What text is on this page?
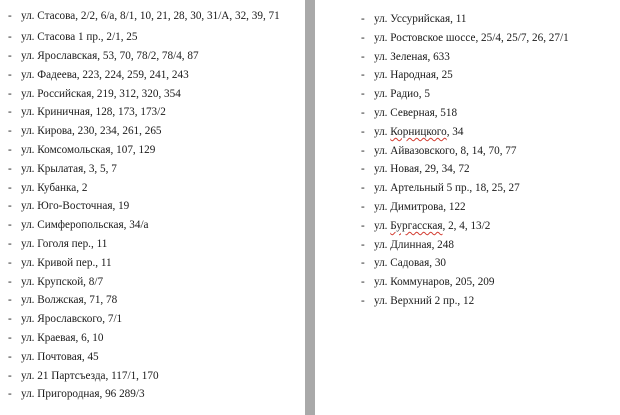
- ул. Стасова, 2/2, 6/а, 8/1, 10, 21, 28, 30, 31/А, 32, 39, 71
- ул. Стасова 1 пр., 2/1, 25
- ул. Ярославская, 53, 70, 78/2, 78/4, 87
- ул. Фадеева, 223, 224, 259, 241, 243
- ул. Российская, 219, 312, 320, 354
- ул. Криничная, 128, 173, 173/2
- ул. Кирова, 230, 234, 261, 265
- ул. Комсомольская, 107, 129
- ул. Крылатая, 3, 5, 7
- ул. Кубанка, 2
- ул. Юго-Восточная, 19
- ул. Симферопольская, 34/а
- ул. Гоголя пер., 11
- ул. Кривой пер., 11
- ул. Крупской, 8/7
- ул. Волжская, 71, 78
- ул. Ярославского, 7/1
- ул. Краевая, 6, 10
- ул. Почтовая, 45
- ул. 21 Партсъезда, 117/1, 170
- ул. Пригородная, 96 289/3
- ул. Уссурийская, 11
- ул. Ростовское шоссе, 25/4, 25/7, 26, 27/1
- ул. Зеленая, 633
- ул. Народная, 25
- ул. Радио, 5
- ул. Северная, 518
- ул. Корницкого, 34
- ул. Айвазовского, 8, 14, 70, 77
- ул. Новая, 29, 34, 72
- ул. Артельный 5 пр., 18, 25, 27
- ул. Димитрова, 122
- ул. Бургасская, 2, 4, 13/2
- ул. Длинная, 248
- ул. Садовая, 30
- ул. Коммунаров, 205, 209
- ул. Верхний 2 пр., 12
